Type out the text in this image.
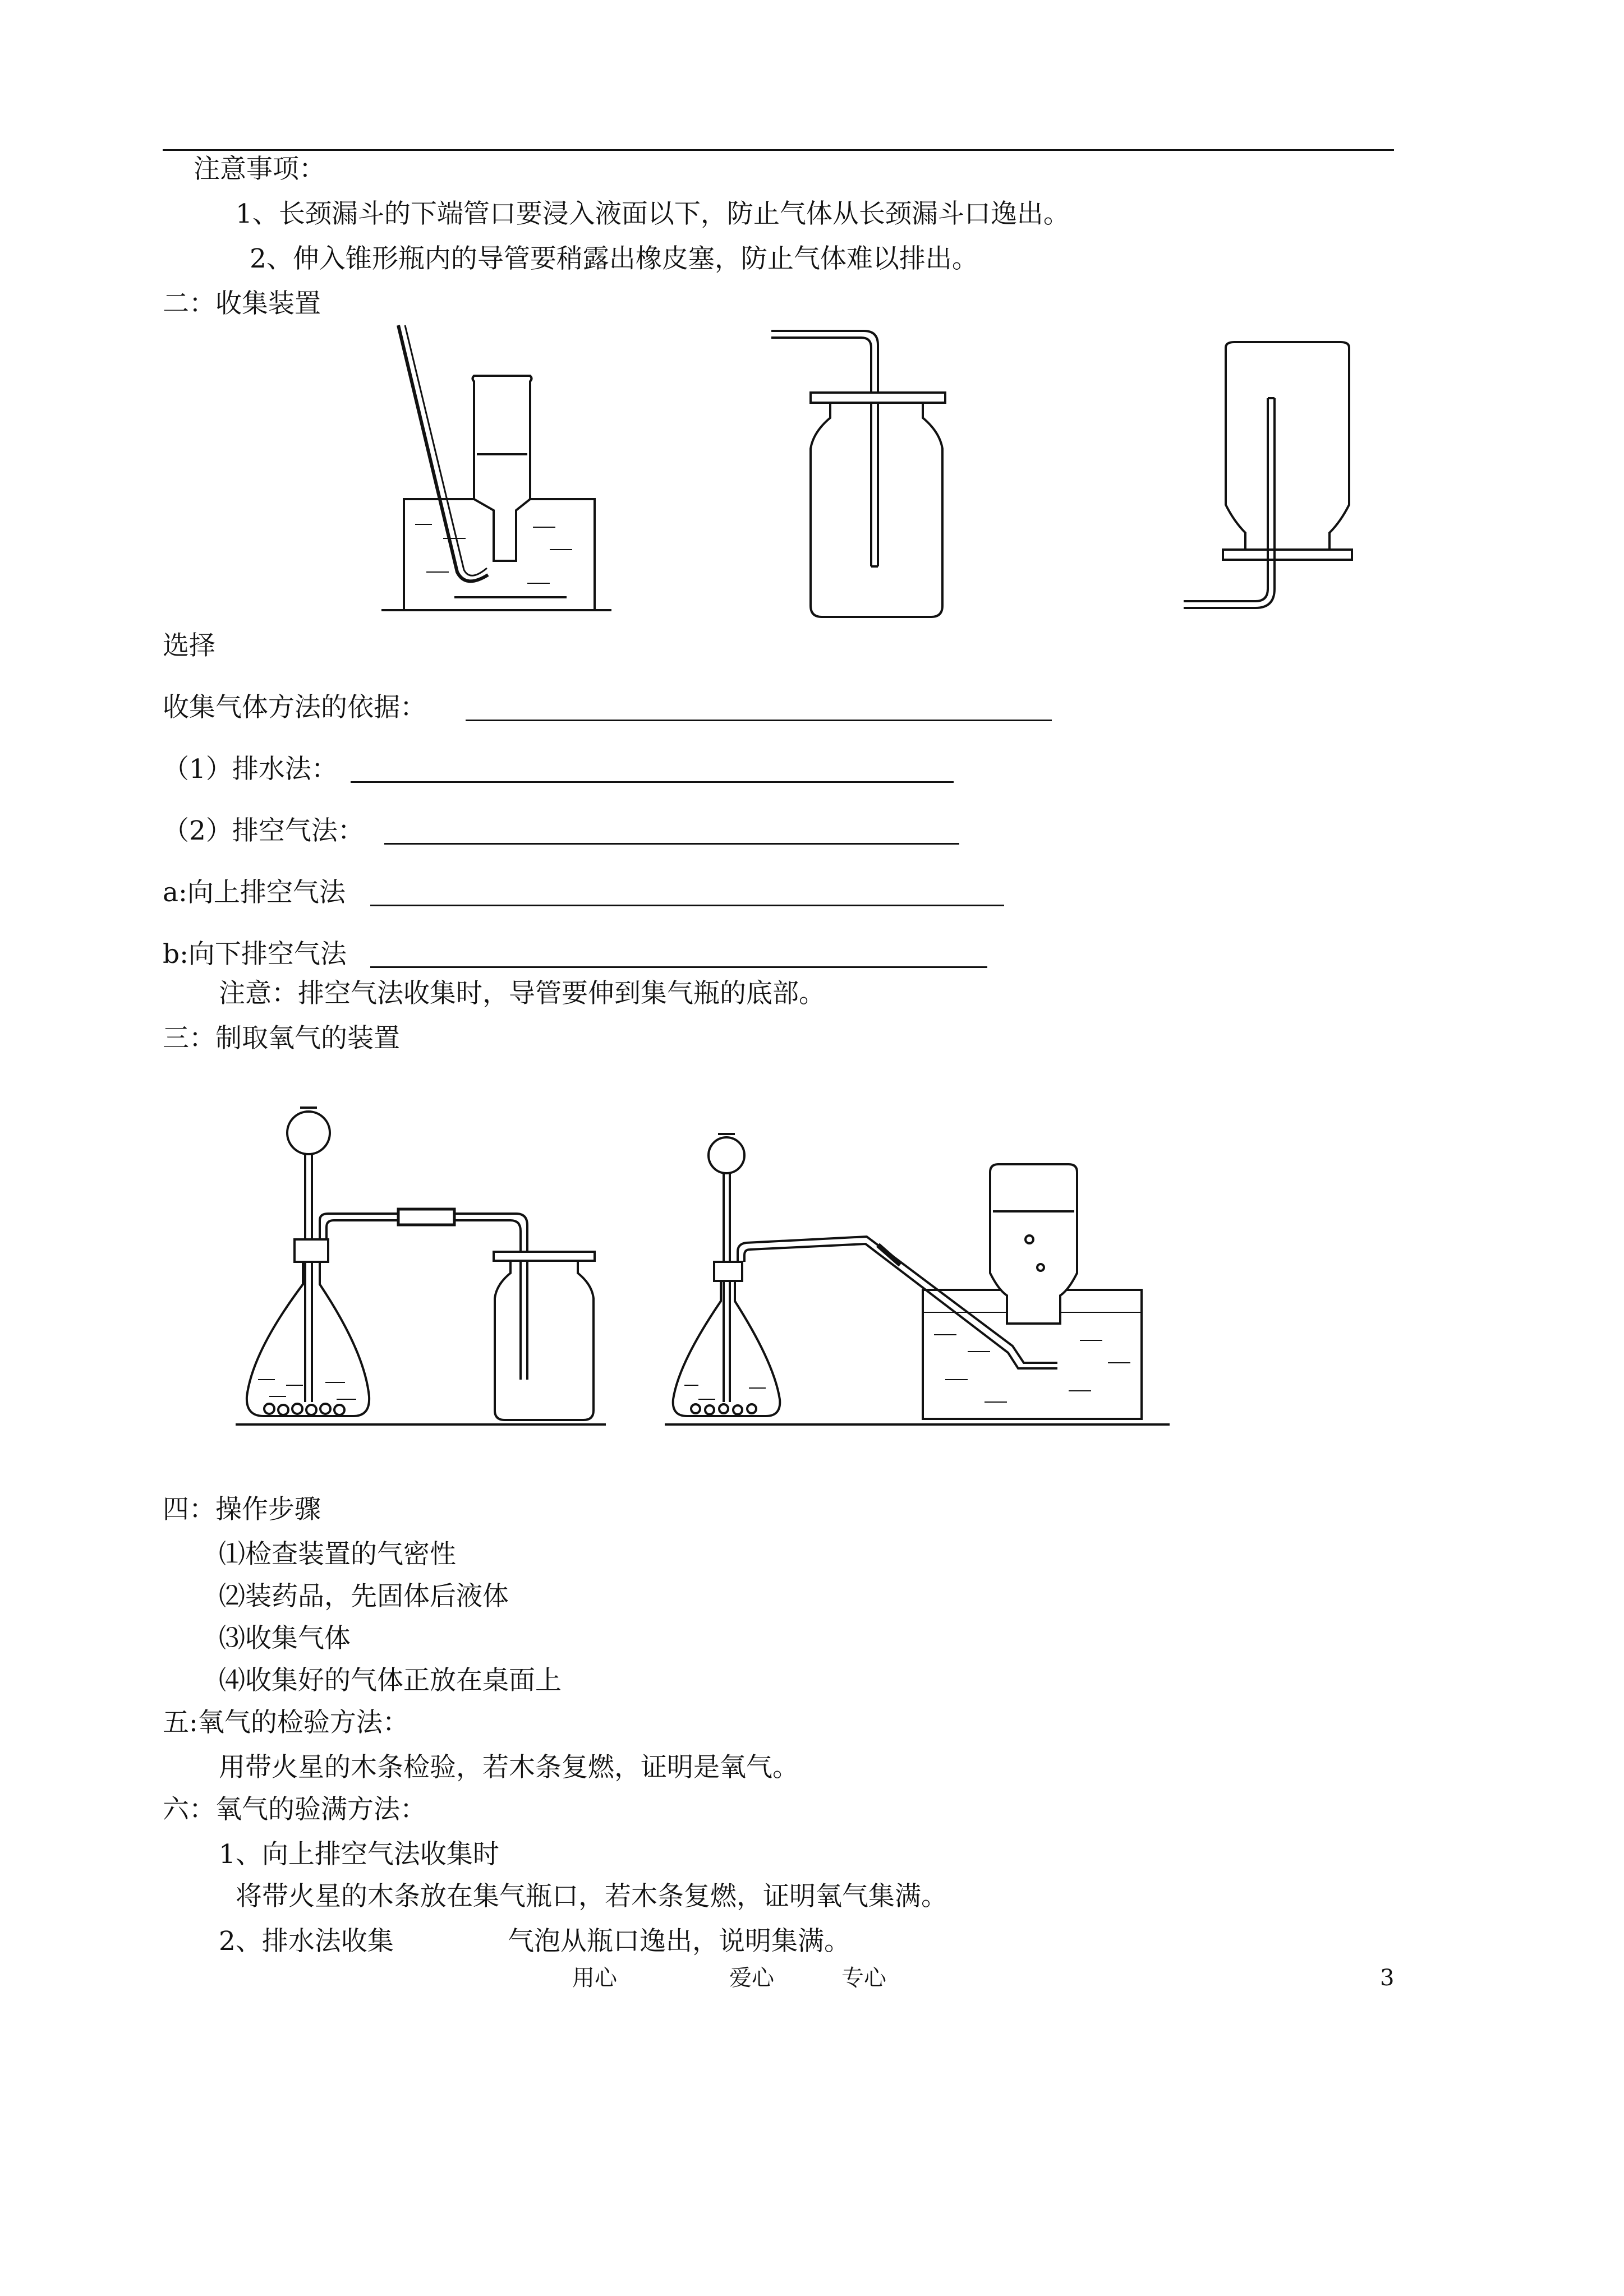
注意事项：
1、长颈漏斗的下端管口要浸入液面以下，防止气体从长颈漏斗口逸出。
2、伸入锥形瓶内的导管要稍露出橡皮塞，防止气体难以排出。
二：收集装置
选择
收集气体方法的依据：
（1）排水法：
（2）排空气法：
a:向上排空气法
b:向下排空气法
注意：排空气法收集时，导管要伸到集气瓶的底部。
三：制取氧气的装置
四：操作步骤
⑴检查装置的气密性
⑵装药品，先固体后液体
⑶收集气体
⑷收集好的气体正放在桌面上
五:氧气的检验方法：
用带火星的木条检验，若木条复燃，证明是氧气。
六：氧气的验满方法：
1、向上排空气法收集时
将带火星的木条放在集气瓶口，若木条复燃，证明氧气集满。
2、排水法收集	气泡从瓶口逸出，说明集满。
用心	爱心	专心	3
